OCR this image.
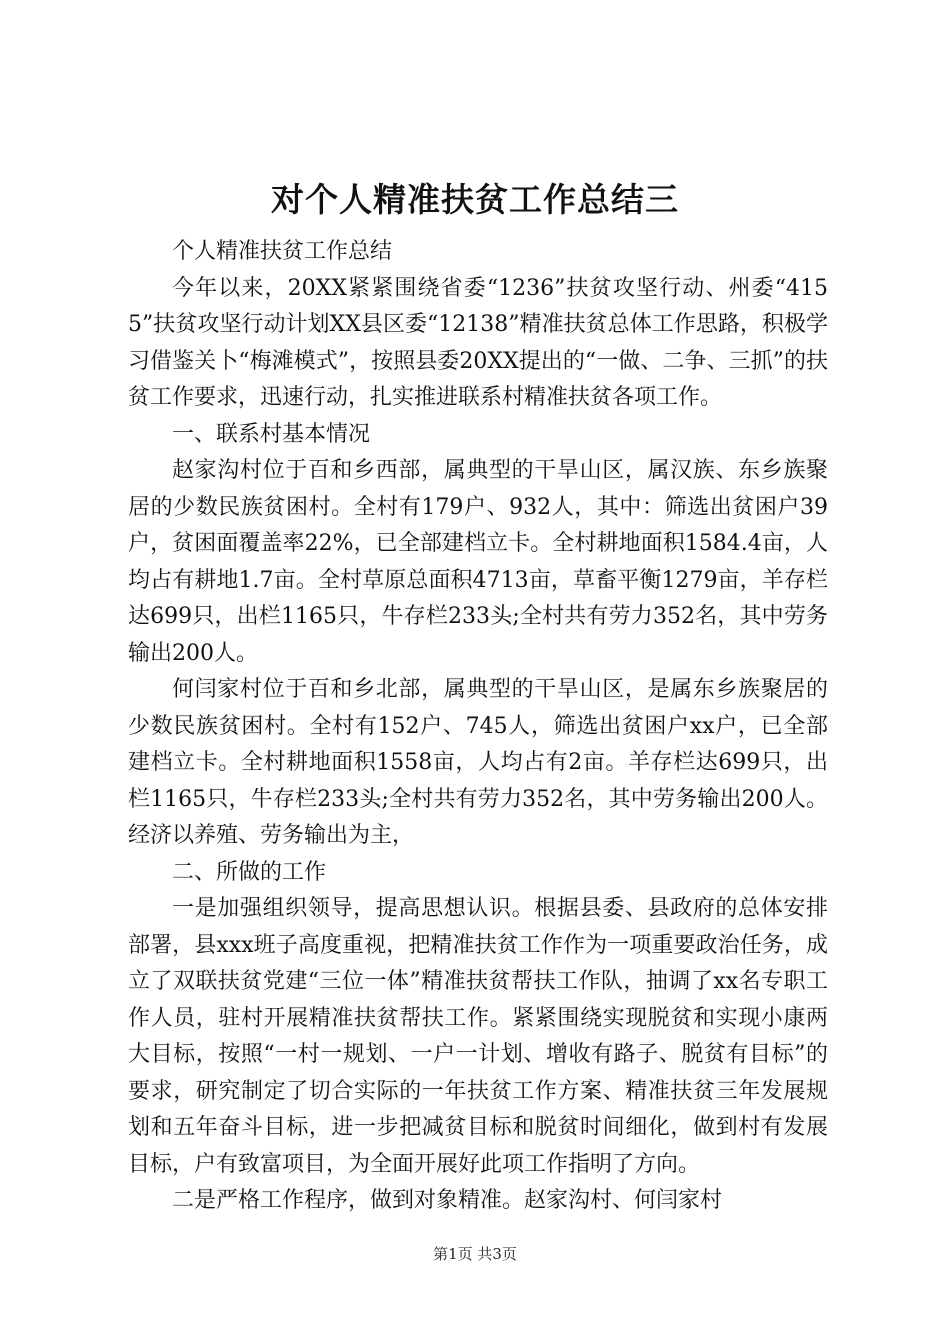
对个人精准扶贫工作总结三

个人精准扶贫工作总结

今年以来，20XX紧紧围绕省委“1236”扶贫攻坚行动、州委“4155”扶贫攻坚行动计划XX县区委“12138”精准扶贫总体工作思路，积极学习借鉴关卜“梅滩模式”，按照县委20XX提出的“一做、二争、三抓”的扶贫工作要求，迅速行动，扎实推进联系村精准扶贫各项工作。

一、联系村基本情况

赵家沟村位于百和乡西部，属典型的干旱山区，属汉族、东乡族聚居的少数民族贫困村。全村有179户、932人，其中：筛选出贫困户39户，贫困面覆盖率22%，已全部建档立卡。全村耕地面积1584.4亩，人均占有耕地1.7亩。全村草原总面积4713亩，草畜平衡1279亩，羊存栏达699只，出栏1165只，牛存栏233头;全村共有劳力352名，其中劳务输出200人。

何闫家村位于百和乡北部，属典型的干旱山区，是属东乡族聚居的少数民族贫困村。全村有152户、745人，筛选出贫困户xx户，已全部建档立卡。全村耕地面积1558亩，人均占有2亩。羊存栏达699只，出栏1165只，牛存栏233头;全村共有劳力352名，其中劳务输出200人。经济以养殖、劳务输出为主，

二、所做的工作

一是加强组织领导，提高思想认识。根据县委、县政府的总体安排部署，县xxx班子高度重视，把精准扶贫工作作为一项重要政治任务，成立了双联扶贫党建“三位一体”精准扶贫帮扶工作队，抽调了xx名专职工作人员，驻村开展精准扶贫帮扶工作。紧紧围绕实现脱贫和实现小康两大目标，按照“一村一规划、一户一计划、增收有路子、脱贫有目标”的要求，研究制定了切合实际的一年扶贫工作方案、精准扶贫三年发展规划和五年奋斗目标，进一步把减贫目标和脱贫时间细化，做到村有发展目标，户有致富项目，为全面开展好此项工作指明了方向。

二是严格工作程序，做到对象精准。赵家沟村、何闫家村

第1页 共3页
